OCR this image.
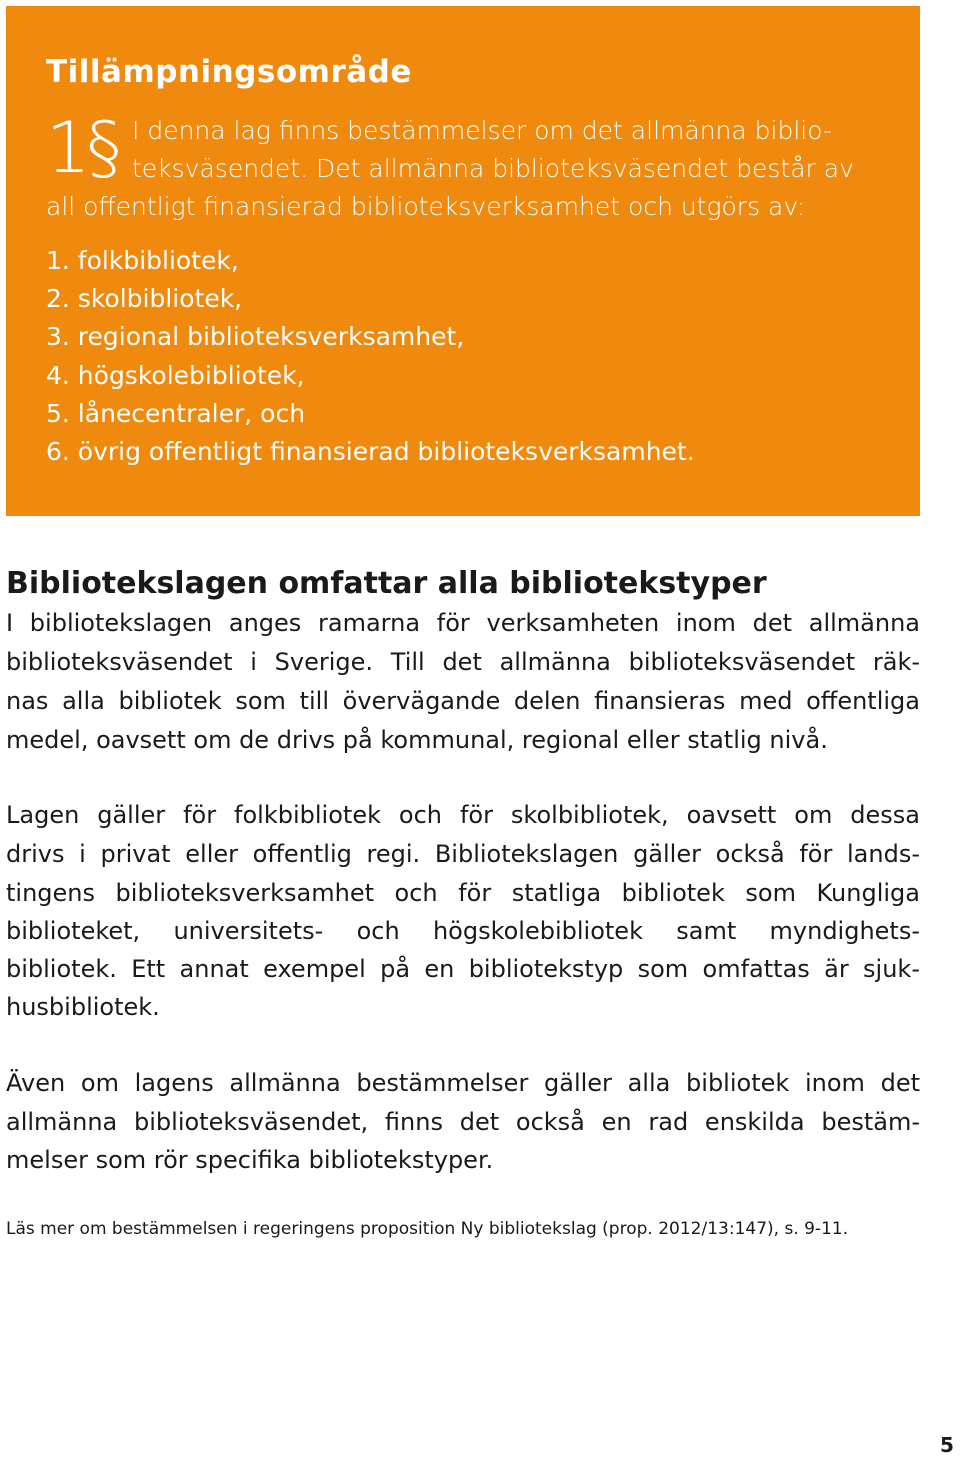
Tillämpningsområde
1§ I denna lag finns bestämmelser om det allmänna biblio-
teksväsendet. Det allmänna biblioteksväsendet består av
all offentligt finansierad biblioteksverksamhet och utgörs av:
1. folkbibliotek,
2. skolbibliotek,
3. regional biblioteksverksamhet,
4. högskolebibliotek,
5. lånecentraler, och
6. övrig offentligt finansierad biblioteksverksamhet.
Bibliotekslagen omfattar alla bibliotekstyper
I bibliotekslagen anges ramarna för verksamheten inom det allmänna
biblioteksväsendet i Sverige. Till det allmänna biblioteksväsendet räk-
nas alla bibliotek som till övervägande delen finansieras med offentliga
medel, oavsett om de drivs på kommunal, regional eller statlig nivå.
Lagen gäller för folkbibliotek och för skolbibliotek, oavsett om dessa
drivs i privat eller offentlig regi. Bibliotekslagen gäller också för lands-
tingens biblioteksverksamhet och för statliga bibliotek som Kungliga
biblioteket, universitets- och högskolebibliotek samt myndighets-
bibliotek. Ett annat exempel på en bibliotekstyp som omfattas är sjuk-
husbibliotek.
Även om lagens allmänna bestämmelser gäller alla bibliotek inom det
allmänna biblioteksväsendet, finns det också en rad enskilda bestäm-
melser som rör specifika bibliotekstyper.
Läs mer om bestämmelsen i regeringens proposition Ny bibliotekslag (prop. 2012/13:147), s. 9-11.
5
